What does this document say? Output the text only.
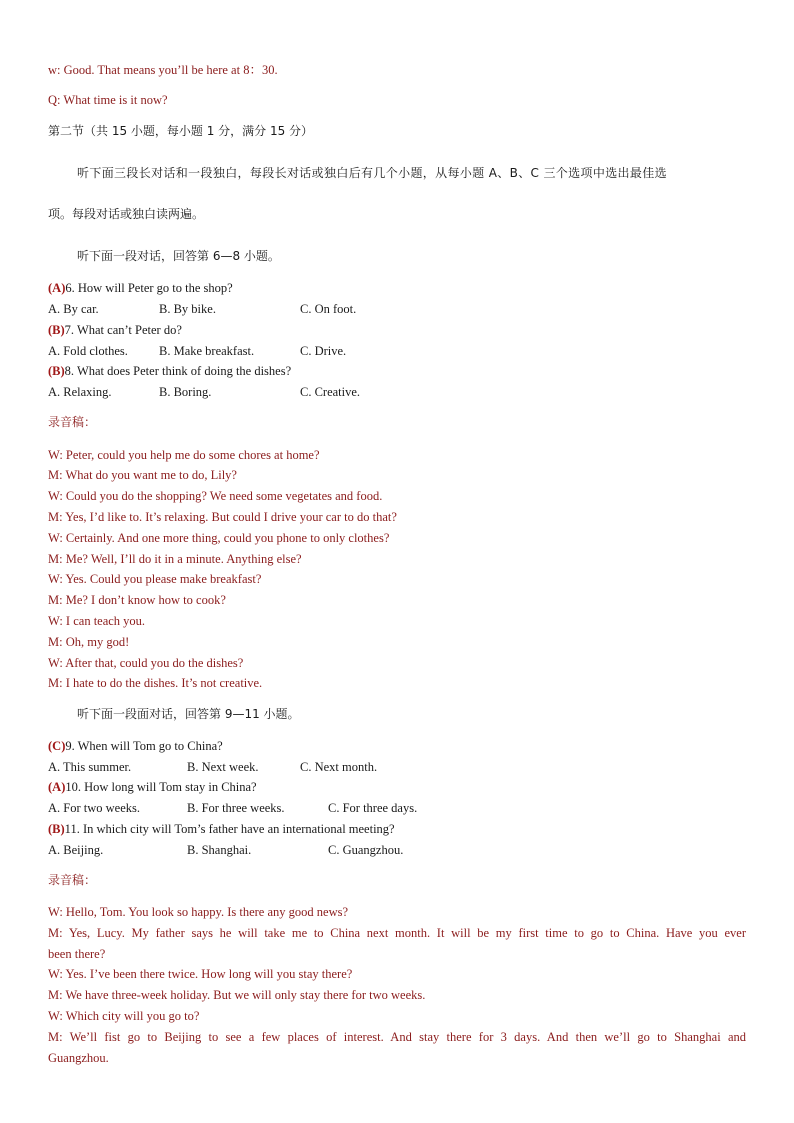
w: Good. That means you’ll be here at 8：30.
Q: What time is it now?
第二节（共 15 小题，每小题 1 分，满分 15 分）
听下面三段长对话和一段独白，每段长对话或独白后有几个小题，从每小题 A、B、C 三个选项中选出最佳选
项。每段对话或独白读两遍。
听下面一段对话，回答第 6—8 小题。
(A)6. How will Peter go to the shop?
A. By car.	B. By bike.	C. On foot.
(B)7. What can’t Peter do?
A. Fold clothes. B. Make breakfast.	C. Drive.
(B)8. What does Peter think of doing the dishes?
A. Relaxing.	B. Boring.	C. Creative.
录音稿：
W: Peter, could you help me do some chores at home?
M: What do you want me to do, Lily?
W: Could you do the shopping? We need some vegetates and food.
M: Yes, I’d like to. It’s relaxing. But could I drive your car to do that?
W: Certainly. And one more thing, could you phone to only clothes?
M: Me? Well, I’ll do it in a minute. Anything else?
W: Yes. Could you please make breakfast?
M: Me? I don’t know how to cook?
W: I can teach you.
M: Oh, my god!
W: After that, could you do the dishes?
M: I hate to do the dishes. It’s not creative.
听下面一段面对话，回答第 9—11 小题。
(C)9. When will Tom go to China?
A. This summer.	B. Next week.	C. Next month.
(A)10. How long will Tom stay in China?
A. For two weeks.	B. For three weeks.	C. For three days.
(B)11. In which city will Tom’s father have an international meeting?
A. Beijing.	B. Shanghai.	C. Guangzhou.
录音稿：
W: Hello, Tom. You look so happy. Is there any good news?
M: Yes, Lucy. My father says he will take me to China next month. It will be my first time to go to China. Have you ever
been there?
W: Yes. I’ve been there twice. How long will you stay there?
M: We have three-week holiday. But we will only stay there for two weeks.
W: Which city will you go to?
M: We’ll fist go to Beijing to see a few places of interest. And stay there for 3 days. And then we’ll go to Shanghai and
Guangzhou.
